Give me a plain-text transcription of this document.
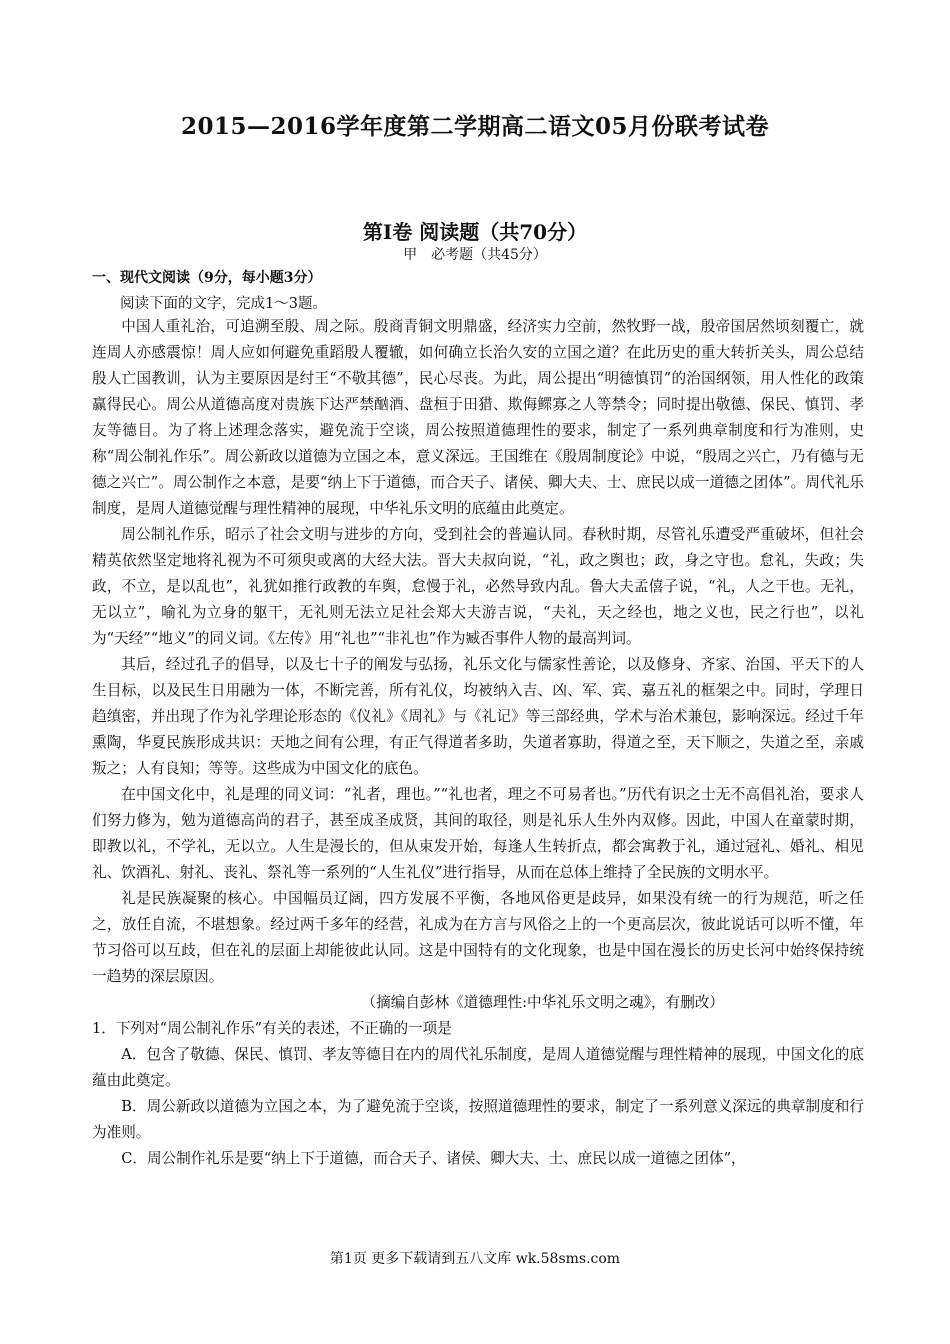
2015—2016学年度第二学期高二语文05月份联考试卷
第Ⅰ卷 阅读题（共70分）
甲　必考题（共45分）
一、现代文阅读（9分，每小题3分）
阅读下面的文字，完成1～3题。

中国人重礼治，可追溯至殷、周之际。殷商青铜文明鼎盛，经济实力空前，然牧野一战，殷帝国居然顷刻覆亡，就连周人亦感震惊！周人应如何避免重蹈殷人覆辙，如何确立长治久安的立国之道？在此历史的重大转折关头，周公总结殷人亡国教训，认为主要原因是纣王“不敬其德”，民心尽丧。为此，周公提出“明德慎罚”的治国纲领，用人性化的政策赢得民心。周公从道德高度对贵族下达严禁酗酒、盘桓于田猎、欺侮鳏寡之人等禁令；同时提出敬德、保民、慎罚、孝友等德目。为了将上述理念落实，避免流于空谈，周公按照道德理性的要求，制定了一系列典章制度和行为准则，史称“周公制礼作乐”。周公新政以道德为立国之本，意义深远。王国维在《殷周制度论》中说，“殷周之兴亡，乃有德与无德之兴亡”。周公制作之本意，是要“纳上下于道德，而合天子、诸侯、卿大夫、士、庶民以成一道德之团体”。周代礼乐制度，是周人道德觉醒与理性精神的展现，中华礼乐文明的底蕴由此奠定。

周公制礼作乐，昭示了社会文明与进步的方向，受到社会的普遍认同。春秋时期，尽管礼乐遭受严重破坏，但社会精英依然坚定地将礼视为不可须臾或离的大经大法。晋大夫叔向说，“礼，政之舆也；政，身之守也。怠礼，失政；失政，不立，是以乱也”，礼犹如推行政教的车舆，怠慢于礼，必然导致内乱。鲁大夫孟僖子说，“礼，人之干也。无礼，无以立”，喻礼为立身的躯干，无礼则无法立足社会郑大夫游吉说，“夫礼，天之经也，地之义也，民之行也”，以礼为“天经”“地义”的同义词。《左传》用“礼也”“非礼也”作为臧否事件人物的最高判词。

其后，经过孔子的倡导，以及七十子的阐发与弘扬，礼乐文化与儒家性善论，以及修身、齐家、治国、平天下的人生目标，以及民生日用融为一体，不断完善，所有礼仪，均被纳入吉、凶、军、宾、嘉五礼的框架之中。同时，学理日趋缜密，并出现了作为礼学理论形态的《仪礼》《周礼》与《礼记》等三部经典，学术与治术兼包，影响深远。经过千年熏陶，华夏民族形成共识：天地之间有公理，有正气得道者多助，失道者寡助，得道之至，天下顺之，失道之至，亲戚叛之；人有良知；等等。这些成为中国文化的底色。

在中国文化中，礼是理的同义词：“礼者，理也。”“礼也者，理之不可易者也。”历代有识之士无不高倡礼治，要求人们努力修为，勉为道德高尚的君子，甚至成圣成贤，其间的取径，则是礼乐人生外内双修。因此，中国人在童蒙时期，即教以礼，不学礼，无以立。人生是漫长的，但从束发开始，每逢人生转折点，都会寓教于礼，通过冠礼、婚礼、相见礼、饮酒礼、射礼、丧礼、祭礼等一系列的“人生礼仪”进行指导，从而在总体上维持了全民族的文明水平。

礼是民族凝聚的核心。中国幅员辽阔，四方发展不平衡，各地风俗更是歧异，如果没有统一的行为规范，听之任之，放任自流，不堪想象。经过两千多年的经营，礼成为在方言与风俗之上的一个更高层次，彼此说话可以听不懂，年节习俗可以互歧，但在礼的层面上却能彼此认同。这是中国特有的文化现象，也是中国在漫长的历史长河中始终保持统一趋势的深层原因。

（摘编自彭林《道德理性:中华礼乐文明之魂》，有删改）

1．下列对“周公制礼作乐”有关的表述，不正确的一项是

A．包含了敬德、保民、慎罚、孝友等德目在内的周代礼乐制度，是周人道德觉醒与理性精神的展现，中国文化的底蕴由此奠定。

B．周公新政以道德为立国之本，为了避免流于空谈，按照道德理性的要求，制定了一系列意义深远的典章制度和行为准则。

C．周公制作礼乐是要“纳上下于道德，而合天子、诸侯、卿大夫、士、庶民以成一道德之团体”，

第1页 更多下载请到五八文库 wk.58sms.com
